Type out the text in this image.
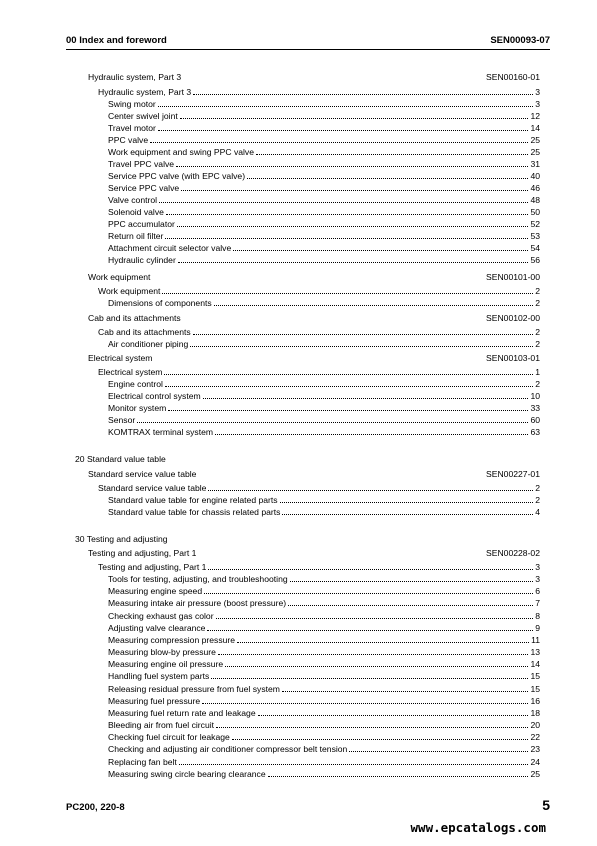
00 Index and foreword	SEN00093-07
Hydraulic system, Part 3	SEN00160-01
Hydraulic system, Part 3	3
Swing motor	3
Center swivel joint	12
Travel motor	14
PPC valve	25
Work equipment and swing PPC valve	25
Travel PPC valve	31
Service PPC valve (with EPC valve)	40
Service PPC valve	46
Valve control	48
Solenoid valve	50
PPC accumulator	52
Return oil filter	53
Attachment circuit selector valve	54
Hydraulic cylinder	56
Work equipment	SEN00101-00
Work equipment	2
Dimensions of components	2
Cab and its attachments	SEN00102-00
Cab and its attachments	2
Air conditioner piping	2
Electrical system	SEN00103-01
Electrical system	1
Engine control	2
Electrical control system	10
Monitor system	33
Sensor	60
KOMTRAX terminal system	63
20 Standard value table
Standard service value table	SEN00227-01
Standard service value table	2
Standard value table for engine related parts	2
Standard value table for chassis related parts	4
30 Testing and adjusting
Testing and adjusting, Part 1	SEN00228-02
Testing and adjusting, Part 1	3
Tools for testing, adjusting, and troubleshooting	3
Measuring engine speed	6
Measuring intake air pressure (boost pressure)	7
Checking exhaust gas color	8
Adjusting valve clearance	9
Measuring compression pressure	11
Measuring blow-by pressure	13
Measuring engine oil pressure	14
Handling fuel system parts	15
Releasing residual pressure from fuel system	15
Measuring fuel pressure	16
Measuring fuel return rate and leakage	18
Bleeding air from fuel circuit	20
Checking fuel circuit for leakage	22
Checking and adjusting air conditioner compressor belt tension	23
Replacing fan belt	24
Measuring swing circle bearing clearance	25
PC200, 220-8	5
www.epcatalogs.com
